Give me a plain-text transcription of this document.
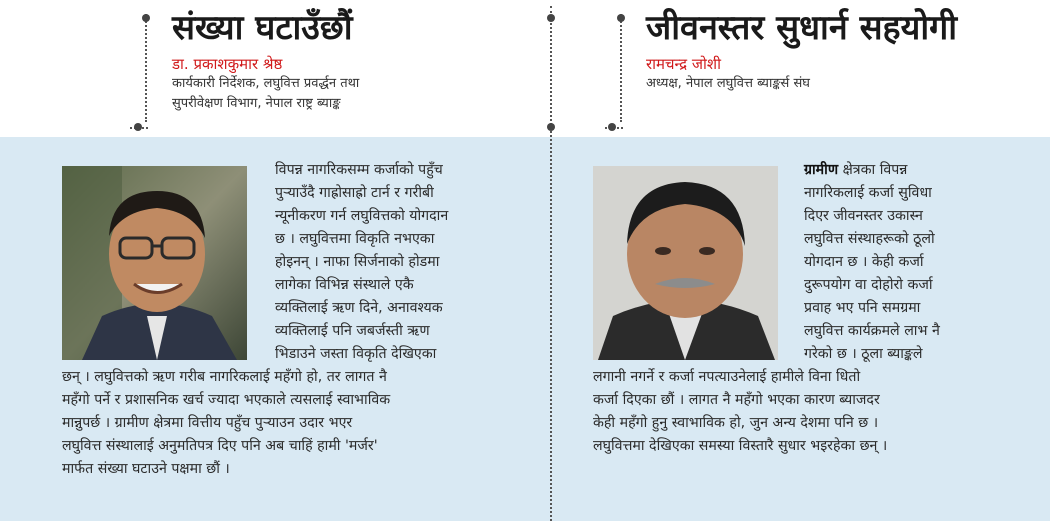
संख्या घटाउँछौं
डा. प्रकाशकुमार श्रेष्ठ
कार्यकारी निर्देशक, लघुवित्त प्रवर्द्धन तथा
सुपरीवेक्षण विभाग, नेपाल राष्ट्र ब्याङ्क
जीवनस्तर सुधार्न सहयोगी
रामचन्द्र जोशी
अध्यक्ष, नेपाल लघुवित्त ब्याङ्कर्स संघ

विपन्न नागरिकसम्म कर्जाको पहुँच

पुर्‍याउँदै गाह्रोसाह्रो टार्न र गरीबी

न्यूनीकरण गर्न लघुवित्तको योगदान

छ । लघुवित्तमा विकृति नभएका

होइनन् । नाफा सिर्जनाको होडमा

लागेका विभिन्न संस्थाले एकै

व्यक्तिलाई ऋण दिने, अनावश्यक

व्यक्तिलाई पनि जबर्जस्ती ऋण

भिडाउने जस्ता विकृति देखिएका

छन् । लघुवित्तको ऋण गरीब नागरिकलाई महँगो हो, तर लागत नै

महँगो पर्ने र प्रशासनिक खर्च ज्यादा भएकाले त्यसलाई स्वाभाविक

मान्नुपर्छ । ग्रामीण क्षेत्रमा वित्तीय पहुँच पुर्‍याउन उदार भएर

लघुवित्त संस्थालाई अनुमतिपत्र दिए पनि अब चाहिं हामी 'मर्जर'

मार्फत संख्या घटाउने पक्षमा छौं ।

ग्रामीण क्षेत्रका विपन्न

नागरिकलाई कर्जा सुविधा

दिएर जीवनस्तर उकास्न

लघुवित्त संस्थाहरूको ठूलो

योगदान छ । केही कर्जा

दुरूपयोग वा दोहोरो कर्जा

प्रवाह भए पनि समग्रमा

लघुवित्त कार्यक्रमले लाभ नै

गरेको छ । ठूला ब्याङ्कले

लगानी नगर्ने र कर्जा नपत्याउनेलाई हामीले विना धितो

कर्जा दिएका छौं । लागत नै महँगो भएका कारण ब्याजदर

केही महँगो हुनु स्वाभाविक हो, जुन अन्य देशमा पनि छ ।

लघुवित्तमा देखिएका समस्या विस्तारै सुधार भइरहेका छन् ।
